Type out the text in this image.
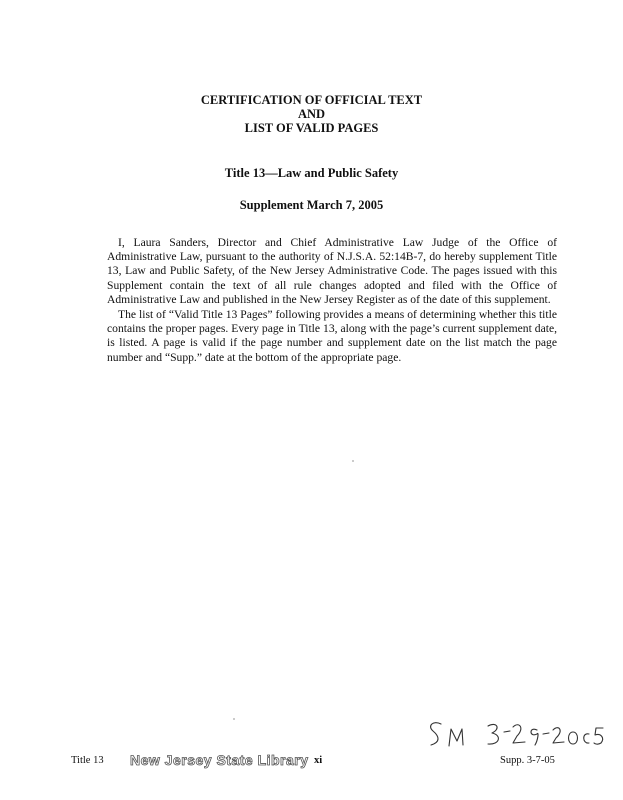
CERTIFICATION OF OFFICIAL TEXT
AND
LIST OF VALID PAGES
Title 13—Law and Public Safety
Supplement March 7, 2005

I, Laura Sanders, Director and Chief Administrative Law Judge of the Office of Administrative Law, pursuant to the authority of N.J.S.A. 52:14B-7, do hereby supplement Title 13, Law and Public Safety, of the New Jersey Administrative Code. The pages issued with this Supplement contain the text of all rule changes adopted and filed with the Office of Administrative Law and published in the New Jersey Register as of the date of this supplement.

The list of “Valid Title 13 Pages” following provides a means of determining whether this title contains the proper pages. Every page in Title 13, along with the page’s current supplement date, is listed. A page is valid if the page number and supplement date on the list match the page number and “Supp.” date at the bottom of the appropriate page.

Title 13 New Jersey State Library xi	Supp. 3-7-05
